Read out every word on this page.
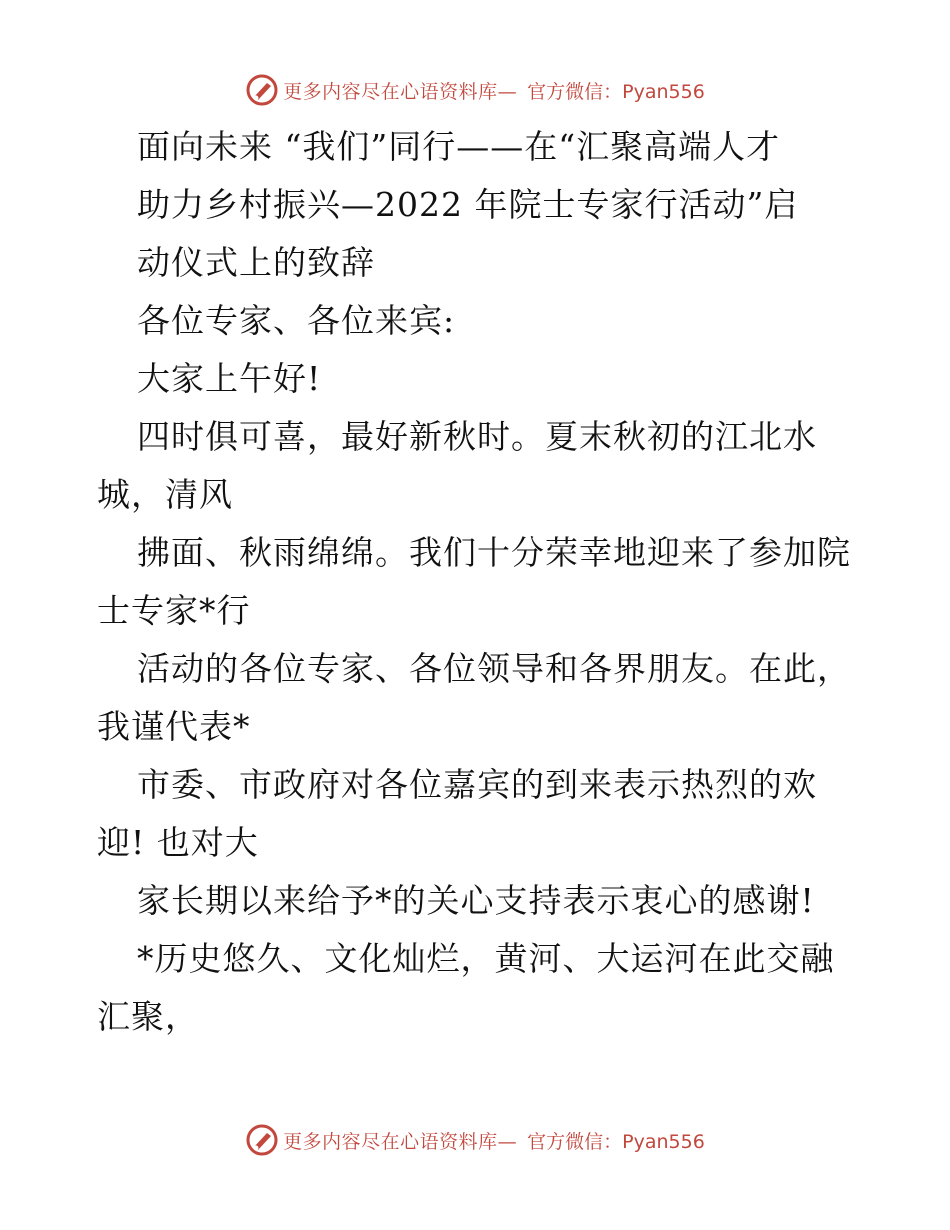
更多内容尽在心语资料库— 官方微信：Pyan556
面向未来 “我们”同行——在“汇聚高端人才
助力乡村振兴—2022 年院士专家行活动”启
动仪式上的致辞
各位专家、各位来宾:
大家上午好!
四时俱可喜，最好新秋时。夏末秋初的江北水
城，清风
拂面、秋雨绵绵。我们十分荣幸地迎来了参加院
士专家*行
活动的各位专家、各位领导和各界朋友。在此，
我谨代表*
市委、市政府对各位嘉宾的到来表示热烈的欢
迎! 也对大
家长期以来给予*的关心支持表示衷心的感谢!
*历史悠久、文化灿烂，黄河、大运河在此交融
汇聚，
更多内容尽在心语资料库— 官方微信：Pyan556
